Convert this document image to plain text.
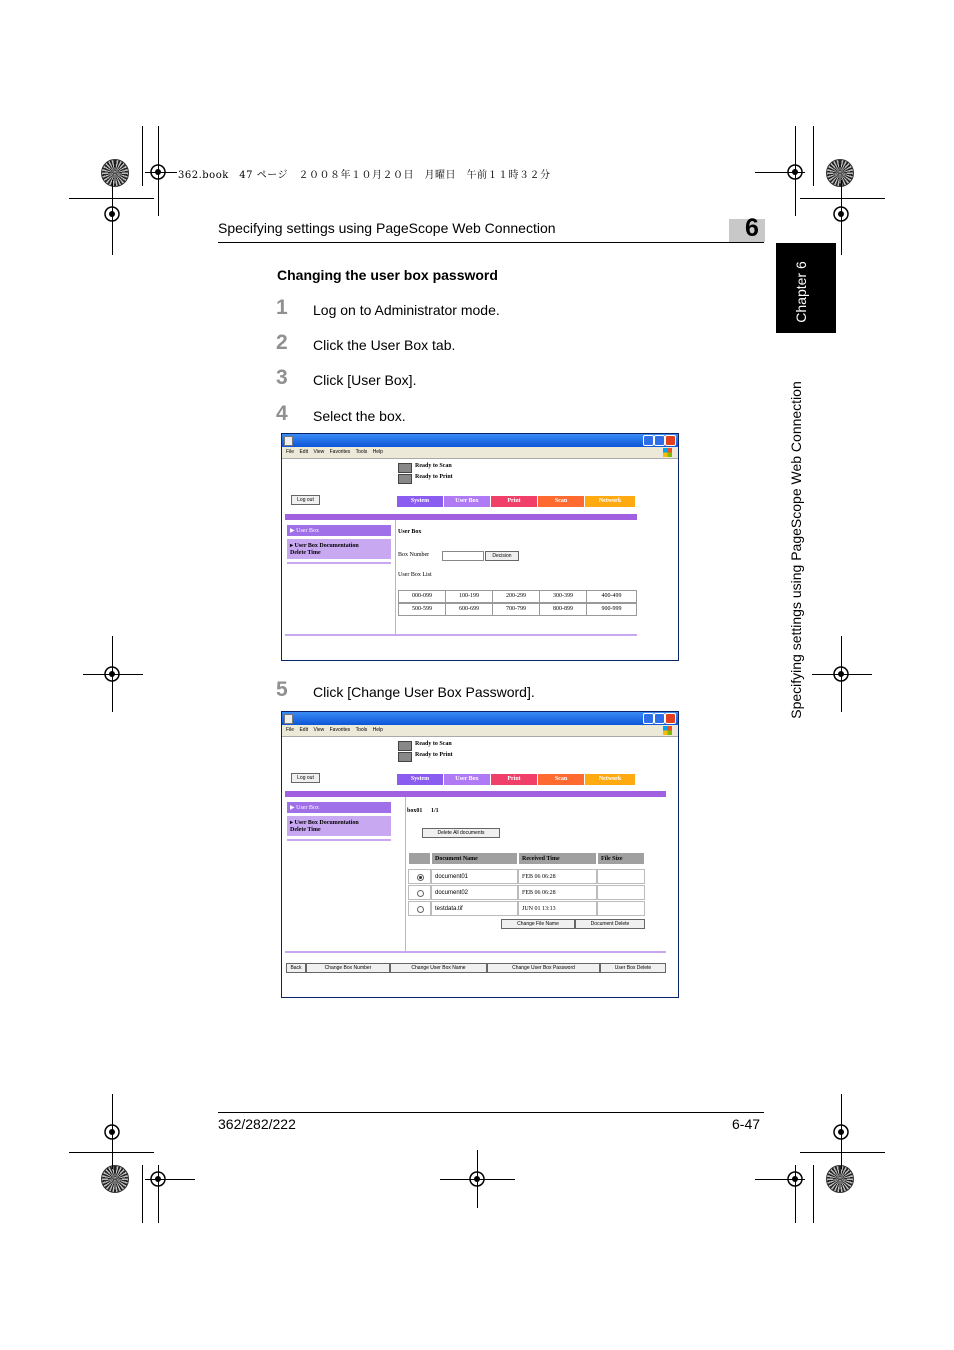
362.book　47 ページ　２００８年１０月２０日　月曜日　午前１１時３２分
Specifying settings using PageScope Web Connection	6
Chapter 6
Specifying settings using PageScope Web Connection
Changing the user box password
1 Log on to Administrator mode.
2 Click the User Box tab.
3 Click [User Box].
4 Select the box.
File Edit View Favorites Tools Help
Ready to Scan
Ready to Print
Log out	System	User Box	Print	Scan	Network
▶ User Box
▸ User Box Documentation
Delete Time
User Box
Box Number	Decision
User Box List
000-099	100-199	200-299	300-399	400-499
500-599	600-699	700-799	800-899	900-999
5 Click [Change User Box Password].
File Edit View Favorites Tools Help
Ready to Scan
Ready to Print
Log out	System	User Box	Print	Scan	Network
▶ User Box
▸ User Box Documentation
Delete Time
box01 1/1
Delete All documents
Document Name	Received Time	File Size
document01	FEB 06 06:28
document02	FEB 06 06:28
testdata.tif	JUN 01 13:13
Change File Name	Document Delete
Back	Change Box Number	Change User Box Name	Change User Box Password	User Box Delete
362/282/222	6-47
